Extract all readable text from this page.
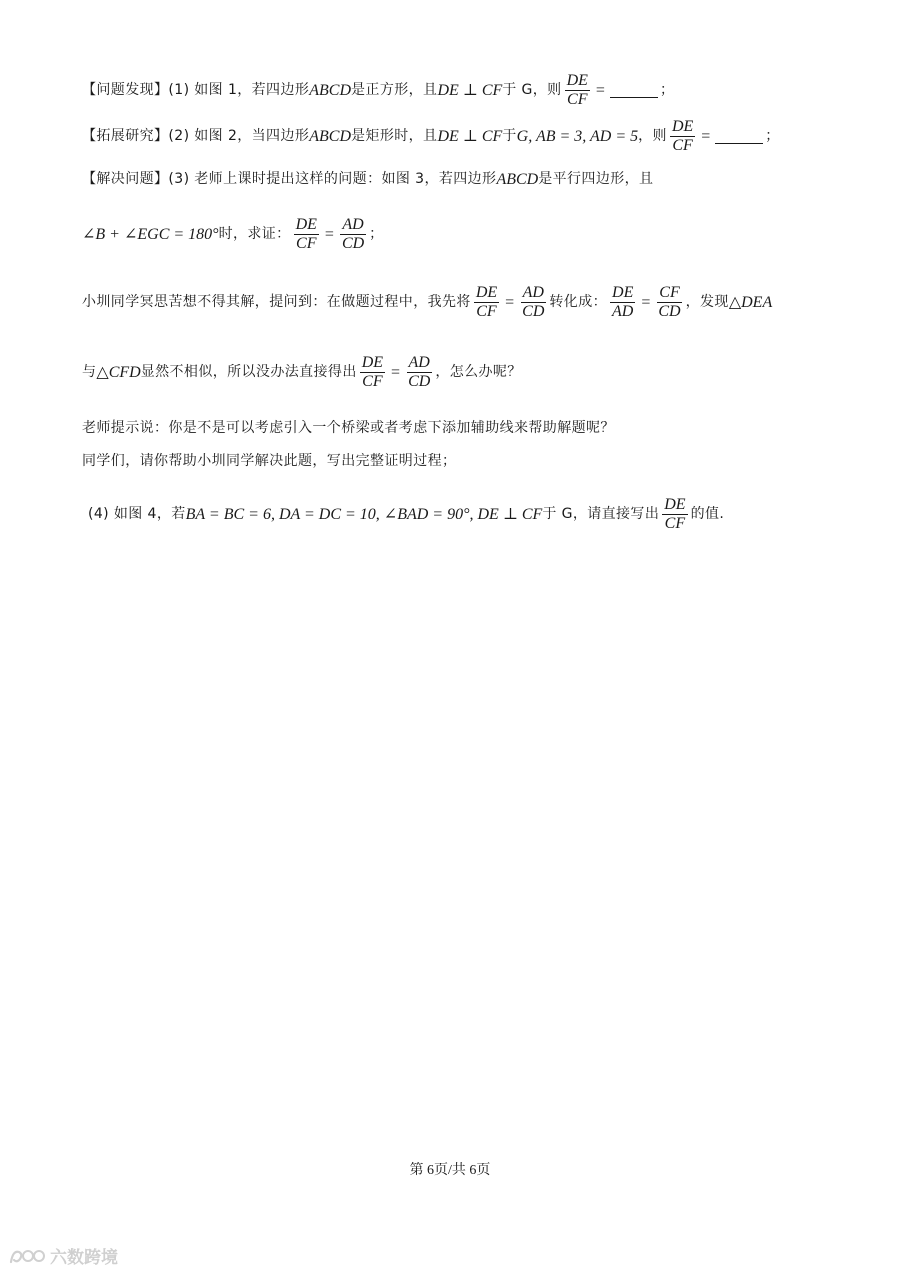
【问题发现】 (1) 如图 1，若四边形 ABCD 是正方形，且 DE ⊥ CF 于 G，则 $\frac{DE}{CF}$ =	；
【拓展研究】 (2) 如图 2，当四边形 ABCD 是矩形时，且 DE ⊥ CF 于 G, AB = 3, AD = 5 ，则 $\frac{DE}{CF}$ =	；
【解决问题】 (3) 老师上课时提出这样的问题：如图 3，若四边形 ABCD 是平行四边形，且
∠B + ∠EGC = 180° 时，求证： $\frac{DE}{CF} = \frac{AD}{CD}$ ；
小圳同学冥思苦想不得其解，提问到：在做题过程中，我先将 $\frac{DE}{CF} = \frac{AD}{CD}$ 转化成： $\frac{DE}{AD} = \frac{CF}{CD}$ ，发现 △DEA
与 △CFD 显然不相似，所以没办法直接得出 $\frac{DE}{CF} = \frac{AD}{CD}$ ，怎么办呢？
老师提示说：你是不是可以考虑引入一个桥梁或者考虑下添加辅助线来帮助解题呢？
同学们，请你帮助小圳同学解决此题，写出完整证明过程；
(4) 如图 4，若 BA = BC = 6, DA = DC = 10, ∠BAD = 90°, DE ⊥ CF 于 G，请直接写出 $\frac{DE}{CF}$ 的值.
第 6页/共 6页
六数跨境
